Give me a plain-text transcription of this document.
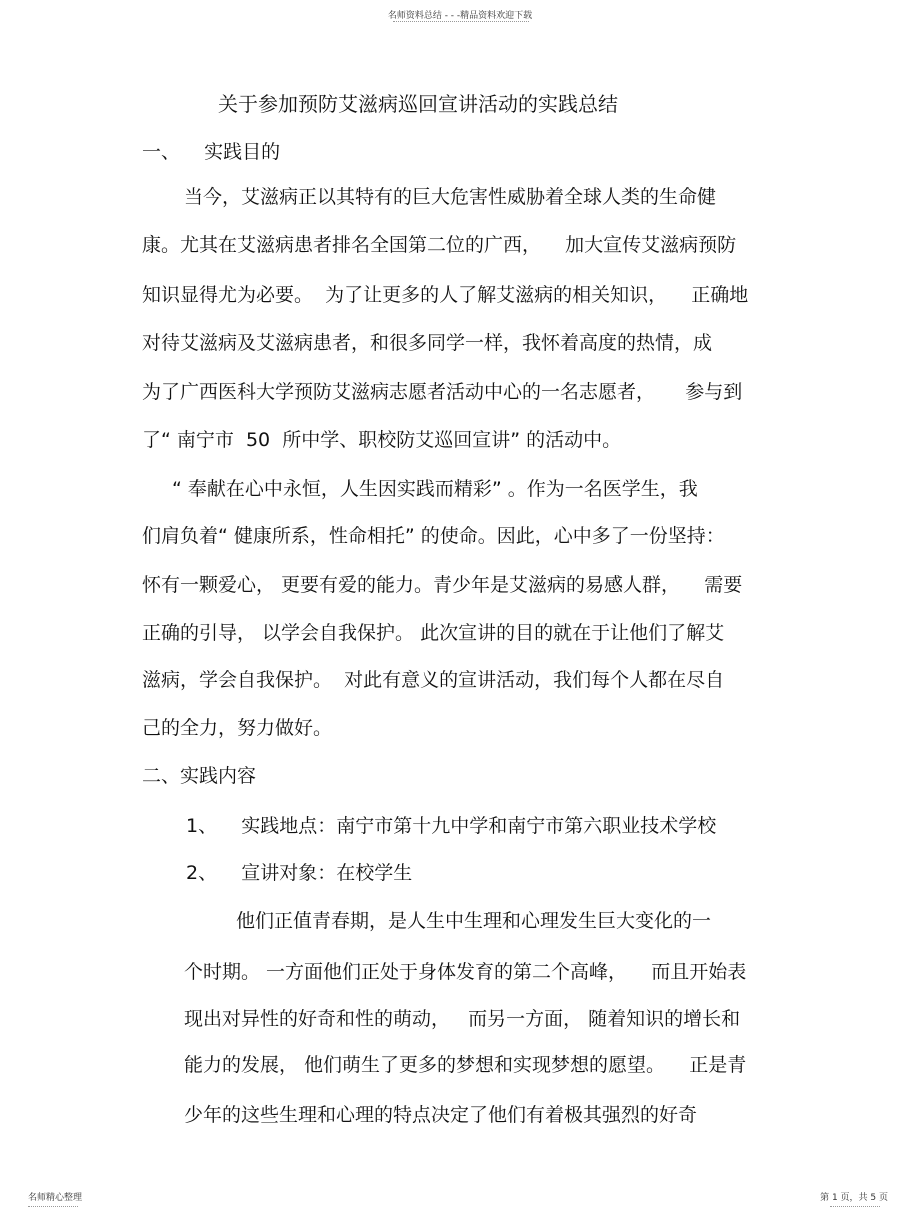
名师资料总结 - - -精品资料欢迎下载
关于参加预防艾滋病巡回宣讲活动的实践总结
一、    实践目的
当今，艾滋病正以其特有的巨大危害性威胁着全球人类的生命健
康。尤其在艾滋病患者排名全国第二位的广西，    加大宣传艾滋病预防
知识显得尤为必要。  为了让更多的人了解艾滋病的相关知识，    正确地
对待艾滋病及艾滋病患者，和很多同学一样，我怀着高度的热情，成
为了广西医科大学预防艾滋病志愿者活动中心的一名志愿者，     参与到
了“ 南宁市  50  所中学、职校防艾巡回宣讲” 的活动中。
“ 奉献在心中永恒，人生因实践而精彩” 。作为一名医学生，我
们肩负着“ 健康所系，性命相托” 的使命。因此，心中多了一份坚持：
怀有一颗爱心， 更要有爱的能力。青少年是艾滋病的易感人群，    需要
正确的引导， 以学会自我保护。 此次宣讲的目的就在于让他们了解艾
滋病，学会自我保护。  对此有意义的宣讲活动，我们每个人都在尽自
己的全力，努力做好。
二、实践内容
1、    实践地点：南宁市第十九中学和南宁市第六职业技术学校
2、    宣讲对象：在校学生
他们正值青春期，是人生中生理和心理发生巨大变化的一
个时期。 一方面他们正处于身体发育的第二个高峰，    而且开始表
现出对异性的好奇和性的萌动，   而另一方面， 随着知识的增长和
能力的发展， 他们萌生了更多的梦想和实现梦想的愿望。    正是青
少年的这些生理和心理的特点决定了他们有着极其强烈的好奇
名师精心整理	第 1 页，共 5 页
